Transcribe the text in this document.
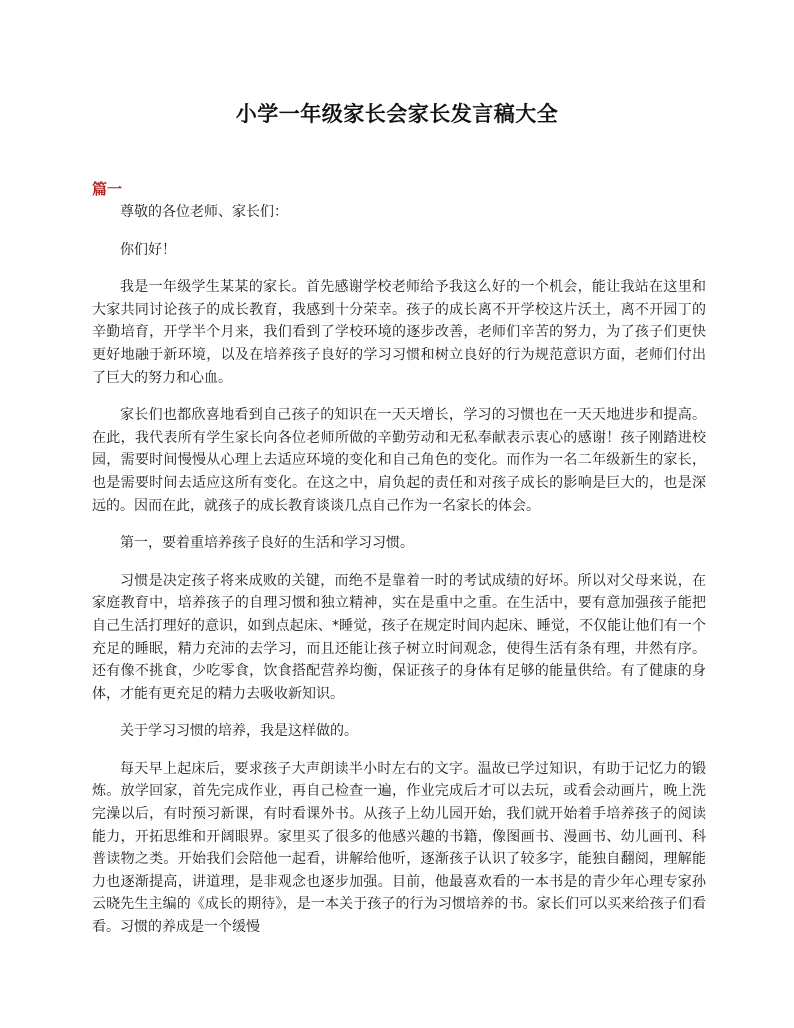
小学一年级家长会家长发言稿大全
篇一

尊敬的各位老师、家长们：

你们好！

我是一年级学生某某的家长。首先感谢学校老师给予我这么好的一个机会，能让我站在这里和大家共同讨论孩子的成长教育，我感到十分荣幸。孩子的成长离不开学校这片沃土，离不开园丁的辛勤培育，开学半个月来，我们看到了学校环境的逐步改善，老师们辛苦的努力，为了孩子们更快更好地融于新环境，以及在培养孩子良好的学习习惯和树立良好的行为规范意识方面，老师们付出了巨大的努力和心血。

家长们也都欣喜地看到自己孩子的知识在一天天增长，学习的习惯也在一天天地进步和提高。在此，我代表所有学生家长向各位老师所做的辛勤劳动和无私奉献表示衷心的感谢！孩子刚踏进校园，需要时间慢慢从心理上去适应环境的变化和自己角色的变化。而作为一名二年级新生的家长，也是需要时间去适应这所有变化。在这之中，肩负起的责任和对孩子成长的影响是巨大的，也是深远的。因而在此，就孩子的成长教育谈谈几点自己作为一名家长的体会。

第一，要着重培养孩子良好的生活和学习习惯。

习惯是决定孩子将来成败的关键，而绝不是靠着一时的考试成绩的好坏。所以对父母来说，在家庭教育中，培养孩子的自理习惯和独立精神，实在是重中之重。在生活中，要有意加强孩子能把自己生活打理好的意识，如到点起床、*睡觉，孩子在规定时间内起床、睡觉，不仅能让他们有一个充足的睡眠，精力充沛的去学习，而且还能让孩子树立时间观念，使得生活有条有理，井然有序。还有像不挑食，少吃零食，饮食搭配营养均衡，保证孩子的身体有足够的能量供给。有了健康的身体，才能有更充足的精力去吸收新知识。

关于学习习惯的培养，我是这样做的。

每天早上起床后，要求孩子大声朗读半小时左右的文字。温故已学过知识，有助于记忆力的锻炼。放学回家，首先完成作业，再自己检查一遍，作业完成后才可以去玩，或看会动画片，晚上洗完澡以后，有时预习新课，有时看课外书。从孩子上幼儿园开始，我们就开始着手培养孩子的阅读能力，开拓思维和开阔眼界。家里买了很多的他感兴趣的书籍，像图画书、漫画书、幼儿画刊、科普读物之类。开始我们会陪他一起看，讲解给他听，逐渐孩子认识了较多字，能独自翻阅，理解能力也逐渐提高，讲道理，是非观念也逐步加强。目前，他最喜欢看的一本书是的青少年心理专家孙云晓先生主编的《成长的期待》，是一本关于孩子的行为习惯培养的书。家长们可以买来给孩子们看看。习惯的养成是一个缓慢
